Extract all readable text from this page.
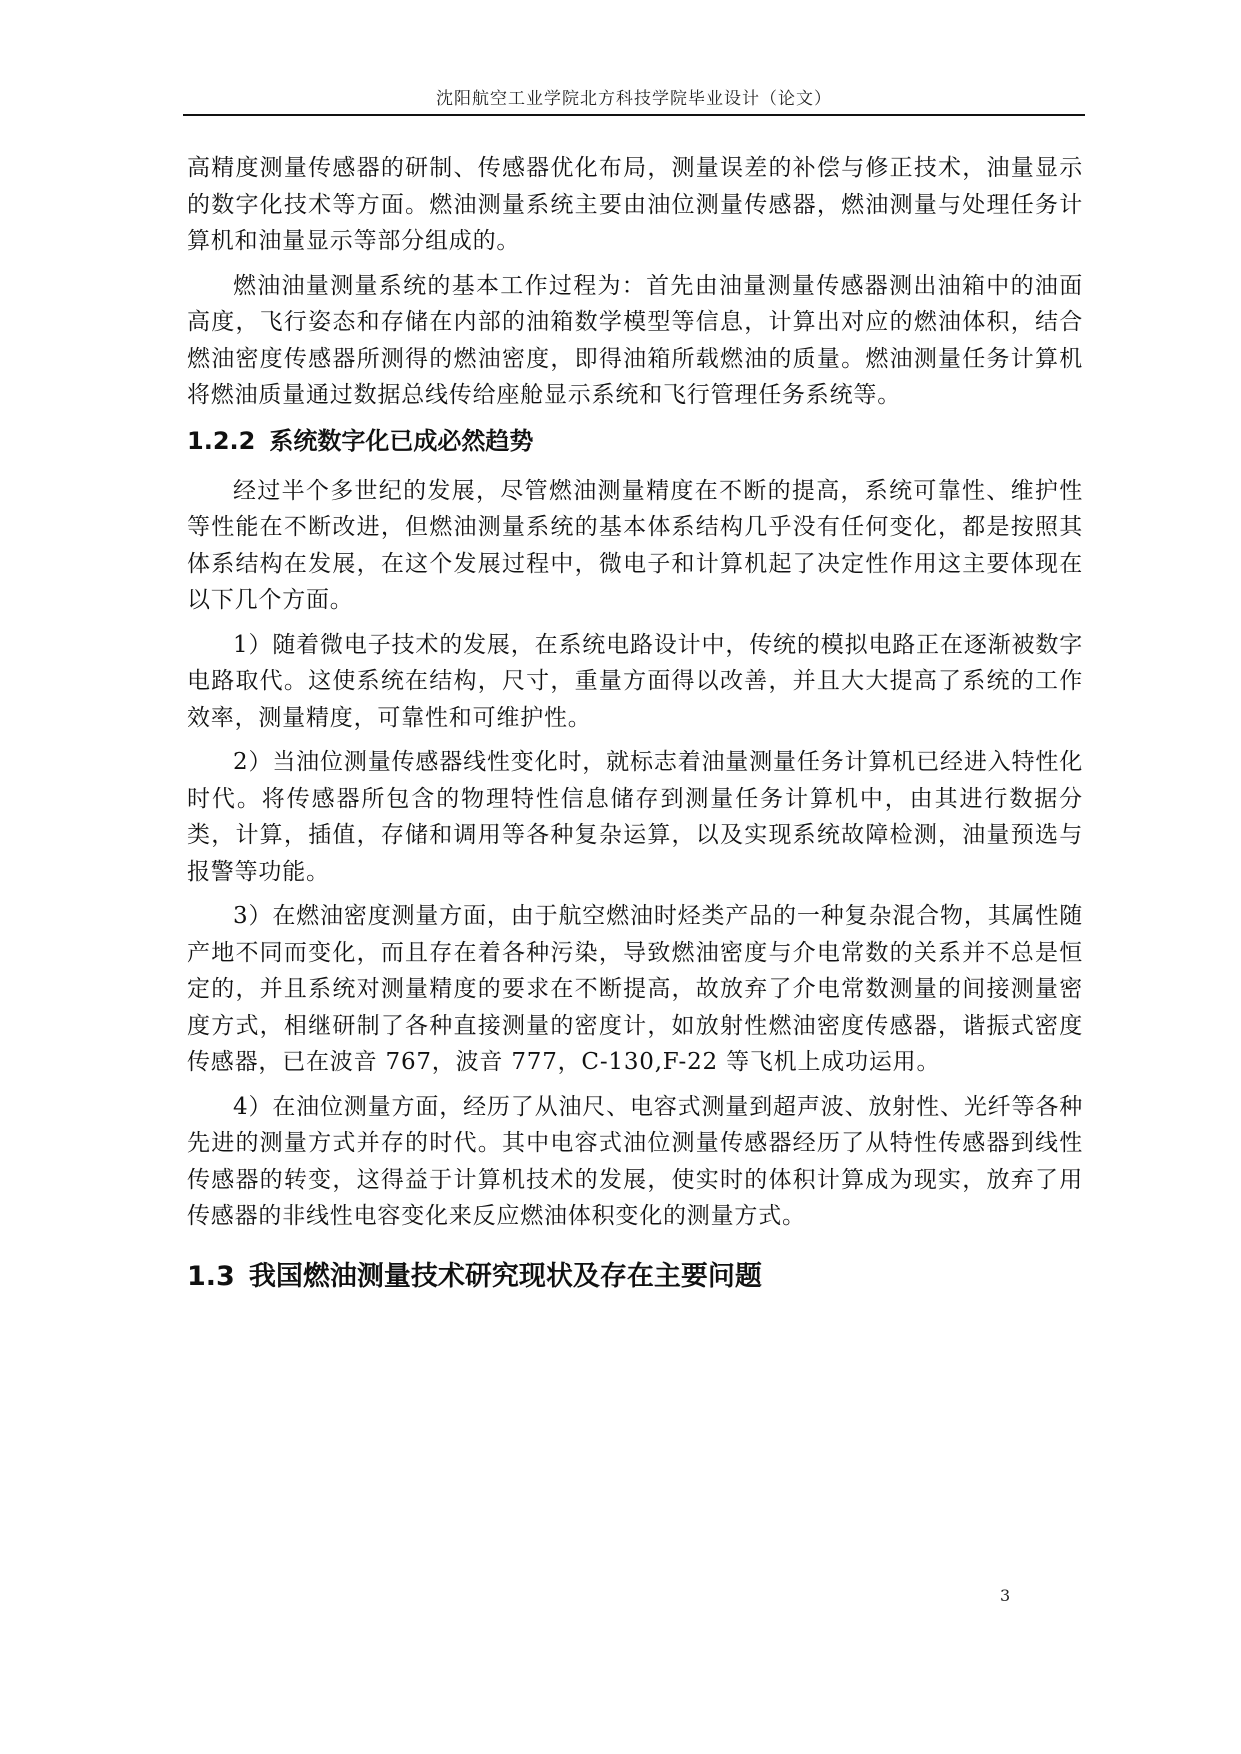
沈阳航空工业学院北方科技学院毕业设计（论文）

高精度测量传感器的研制、传感器优化布局，测量误差的补偿与修正技术，油量显示的数字化技术等方面。燃油测量系统主要由油位测量传感器，燃油测量与处理任务计算机和油量显示等部分组成的。

燃油油量测量系统的基本工作过程为：首先由油量测量传感器测出油箱中的油面高度，飞行姿态和存储在内部的油箱数学模型等信息，计算出对应的燃油体积，结合燃油密度传感器所测得的燃油密度，即得油箱所载燃油的质量。燃油测量任务计算机将燃油质量通过数据总线传给座舱显示系统和飞行管理任务系统等。

1.2.2 系统数字化已成必然趋势

经过半个多世纪的发展，尽管燃油测量精度在不断的提高，系统可靠性、维护性等性能在不断改进，但燃油测量系统的基本体系结构几乎没有任何变化，都是按照其体系结构在发展，在这个发展过程中，微电子和计算机起了决定性作用这主要体现在以下几个方面。

1）随着微电子技术的发展，在系统电路设计中，传统的模拟电路正在逐渐被数字电路取代。这使系统在结构，尺寸，重量方面得以改善，并且大大提高了系统的工作效率，测量精度，可靠性和可维护性。

2）当油位测量传感器线性变化时，就标志着油量测量任务计算机已经进入特性化时代。将传感器所包含的物理特性信息储存到测量任务计算机中，由其进行数据分类，计算，插值，存储和调用等各种复杂运算，以及实现系统故障检测，油量预选与报警等功能。

3）在燃油密度测量方面，由于航空燃油时烃类产品的一种复杂混合物，其属性随产地不同而变化，而且存在着各种污染，导致燃油密度与介电常数的关系并不总是恒定的，并且系统对测量精度的要求在不断提高，故放弃了介电常数测量的间接测量密度方式，相继研制了各种直接测量的密度计，如放射性燃油密度传感器，谐振式密度传感器，已在波音 767，波音 777，C-130,F-22 等飞机上成功运用。

4）在油位测量方面，经历了从油尺、电容式测量到超声波、放射性、光纤等各种先进的测量方式并存的时代。其中电容式油位测量传感器经历了从特性传感器到线性传感器的转变，这得益于计算机技术的发展，使实时的体积计算成为现实，放弃了用传感器的非线性电容变化来反应燃油体积变化的测量方式。

1.3 我国燃油测量技术研究现状及存在主要问题
3
